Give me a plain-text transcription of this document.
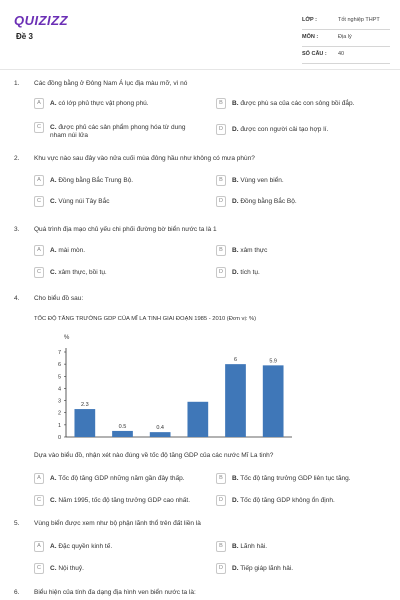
QUIZIZZ
Đề 3
LỚP :	Tốt nghiệp THPT
MÔN :	Địa lý
SỐ CÂU : 40
1. Các đồng bằng ở Đông Nam Á lục địa màu mỡ, vì nó
A	A. có lớp phủ thực vật phong phú.	B	B. được phù sa của các con sông bồi đắp.
C	C. được phủ các sản phẩm phong hóa từ dung nham núi lửa
D	D. được con người cải tạo hợp lí.
2. Khu vực nào sau đây vào nửa cuối mùa đông hầu như không có mưa phùn?
A	A. Đồng bằng Bắc Trung Bộ.	B	B. Vùng ven biển.
C	C. Vùng núi Tây Bắc	D	D. Đồng bằng Bắc Bộ.
3. Quá trình địa mạo chủ yếu chi phối đường bờ biển nước ta là 1
A	A. mài mòn.	B	B. xâm thực
C	C. xâm thực, bồi tụ.	D	D. tích tụ.
4. Cho biểu đồ sau:
TỐC ĐỘ TĂNG TRƯỞNG GDP CỦA MĨ LA TINH GIAI ĐOẠN 1985 - 2010 (Đơn vị: %)
%
0
1
2
3
4
5
6
7
2.3
0.5	0.4
6	5.9
Dựa vào biểu đồ, nhận xét nào đúng về tốc độ tăng GDP của các nước Mĩ La tinh?
A	A. Tốc độ tăng GDP những năm gần đây thấp.	B	B. Tốc độ tăng trưởng GDP liên tục tăng.
C	C. Năm 1995, tốc độ tăng trưởng GDP cao nhất.	D	D. Tốc độ tăng GDP không ổn định.
5. Vùng biển được xem như bộ phận lãnh thổ trên đất liền là
A	A. Đặc quyền kinh tế.	B	B. Lãnh hải.
C	C. Nội thuỷ.	D	D. Tiếp giáp lãnh hải.
6. Biểu hiện của tính đa dạng địa hình ven biển nước ta là:
